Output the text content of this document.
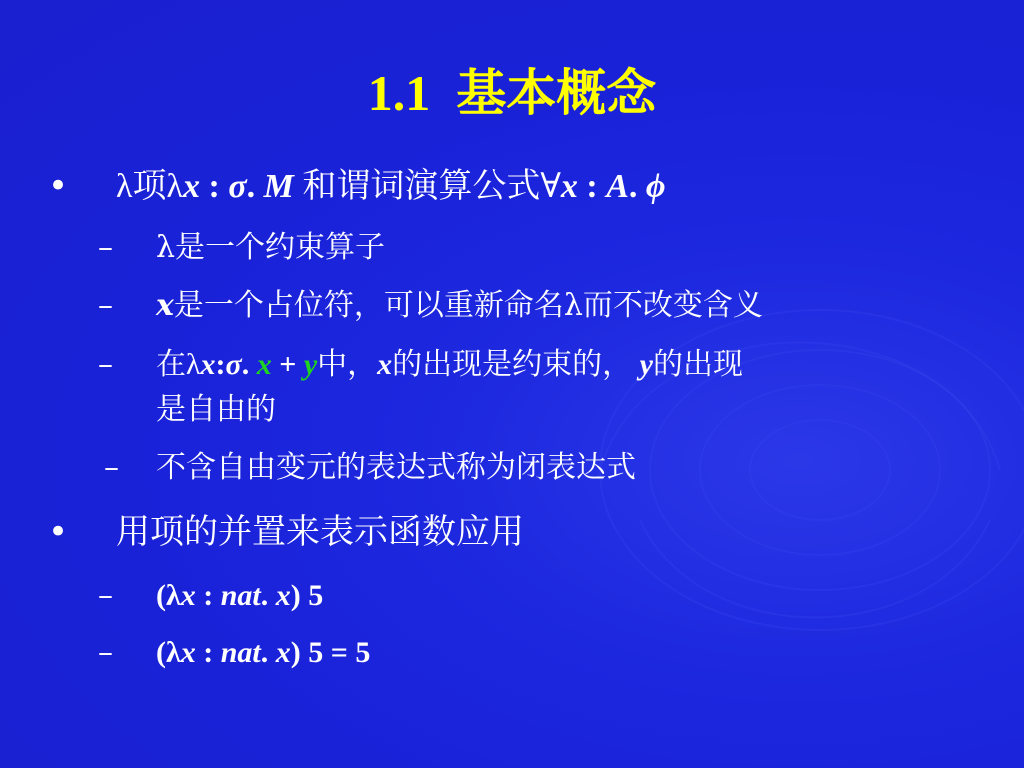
1.1 基本概念
• λ项λx : σ. M 和谓词演算公式∀x : A. ϕ
– λ是一个约束算子
– x是一个占位符，可以重新命名λ而不改变含义
– 在λx:σ. x + y中，x的出现是约束的， y的出现
是自由的
– 不含自由变元的表达式称为闭表达式
• 用项的并置来表示函数应用
– (λx : nat. x) 5
– (λx : nat. x) 5 = 5
